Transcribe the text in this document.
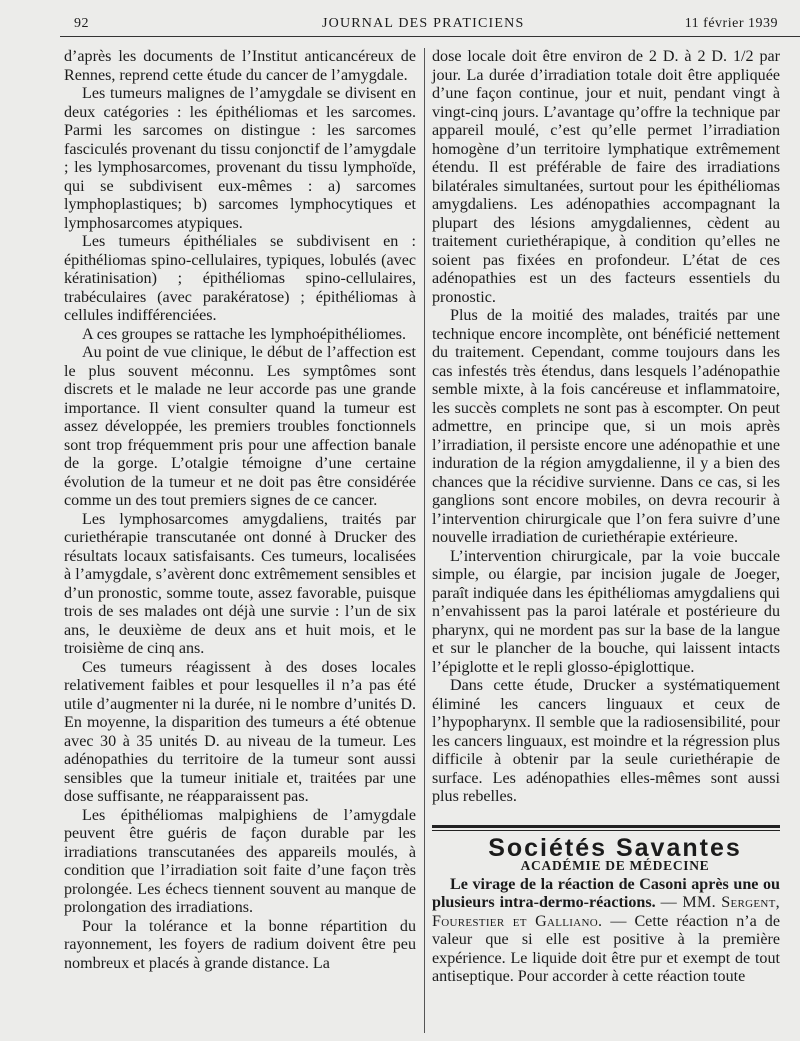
92	JOURNAL DES PRATICIENS	11 février 1939

d’après les documents de l’Institut anticancéreux de Rennes, reprend cette étude du cancer de l’amygdale.

Les tumeurs malignes de l’amygdale se divisent en deux catégories : les épithéliomas et les sarcomes. Parmi les sarcomes on distingue : les sarcomes fasciculés provenant du tissu conjonctif de l’amygdale ; les lymphosarcomes, provenant du tissu lymphoïde, qui se subdivisent eux-mêmes : a) sarcomes lymphoplastiques; b) sarcomes lymphocytiques et lymphosarcomes atypiques.

Les tumeurs épithéliales se subdivisent en : épithéliomas spino-cellulaires, typiques, lobulés (avec kératinisation) ; épithéliomas spino-cellulaires, trabéculaires (avec parakératose) ; épithéliomas à cellules indifférenciées.

A ces groupes se rattache les lymphoépithéliomes.

Au point de vue clinique, le début de l’affection est le plus souvent méconnu. Les symptômes sont discrets et le malade ne leur accorde pas une grande importance. Il vient consulter quand la tumeur est assez développée, les premiers troubles fonctionnels sont trop fréquemment pris pour une affection banale de la gorge. L’otalgie témoigne d’une certaine évolution de la tumeur et ne doit pas être considérée comme un des tout premiers signes de ce cancer.

Les lymphosarcomes amygdaliens, traités par curiethérapie transcutanée ont donné à Drucker des résultats locaux satisfaisants. Ces tumeurs, localisées à l’amygdale, s’avèrent donc extrêmement sensibles et d’un pronostic, somme toute, assez favorable, puisque trois de ses malades ont déjà une survie : l’un de six ans, le deuxième de deux ans et huit mois, et le troisième de cinq ans.

Ces tumeurs réagissent à des doses locales relativement faibles et pour lesquelles il n’a pas été utile d’augmenter ni la durée, ni le nombre d’unités D. En moyenne, la disparition des tumeurs a été obtenue avec 30 à 35 unités D. au niveau de la tumeur. Les adénopathies du territoire de la tumeur sont aussi sensibles que la tumeur initiale et, traitées par une dose suffisante, ne réapparaissent pas.

Les épithéliomas malpighiens de l’amygdale peuvent être guéris de façon durable par les irradiations transcutanées des appareils moulés, à condition que l’irradiation soit faite d’une façon très prolongée. Les échecs tiennent souvent au manque de prolongation des irradiations.

Pour la tolérance et la bonne répartition du rayonnement, les foyers de radium doivent être peu nombreux et placés à grande distance. La

dose locale doit être environ de 2 D. à 2 D. 1/2 par jour. La durée d’irradiation totale doit être appliquée d’une façon continue, jour et nuit, pendant vingt à vingt-cinq jours. L’avantage qu’offre la technique par appareil moulé, c’est qu’elle permet l’irradiation homogène d’un territoire lymphatique extrêmement étendu. Il est préférable de faire des irradiations bilatérales simultanées, surtout pour les épithéliomas amygdaliens. Les adénopathies accompagnant la plupart des lésions amygdaliennes, cèdent au traitement curiethérapique, à condition qu’elles ne soient pas fixées en profondeur. L’état de ces adénopathies est un des facteurs essentiels du pronostic.

Plus de la moitié des malades, traités par une technique encore incomplète, ont bénéficié nettement du traitement. Cependant, comme toujours dans les cas infestés très étendus, dans lesquels l’adénopathie semble mixte, à la fois cancéreuse et inflammatoire, les succès complets ne sont pas à escompter. On peut admettre, en principe que, si un mois après l’irradiation, il persiste encore une adénopathie et une induration de la région amygdalienne, il y a bien des chances que la récidive survienne. Dans ce cas, si les ganglions sont encore mobiles, on devra recourir à l’intervention chirurgicale que l’on fera suivre d’une nouvelle irradiation de curiethérapie extérieure.

L’intervention chirurgicale, par la voie buccale simple, ou élargie, par incision jugale de Joeger, paraît indiquée dans les épithéliomas amygdaliens qui n’envahissent pas la paroi latérale et postérieure du pharynx, qui ne mordent pas sur la base de la langue et sur le plancher de la bouche, qui laissent intacts l’épiglotte et le repli glosso-épiglottique.

Dans cette étude, Drucker a systématiquement éliminé les cancers linguaux et ceux de l’hypopharynx. Il semble que la radiosensibilité, pour les cancers linguaux, est moindre et la régression plus difficile à obtenir par la seule curiethérapie de surface. Les adénopathies elles-mêmes sont aussi plus rebelles.

Sociétés Savantes

ACADÉMIE DE MÉDECINE

Le virage de la réaction de Casoni après une ou plusieurs intra-dermo-réactions. — MM. Sergent, Fourestier et Galliano. — Cette réaction n’a de valeur que si elle est positive à la première expérience. Le liquide doit être pur et exempt de tout antiseptique. Pour accorder à cette réaction toute
